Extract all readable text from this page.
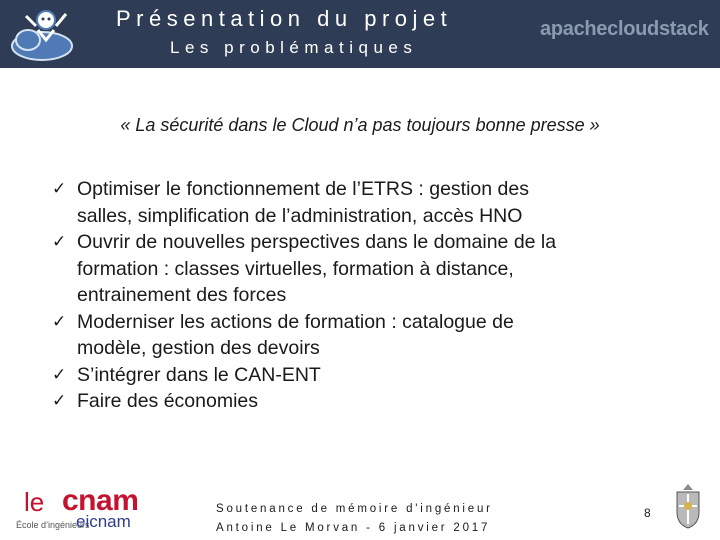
Présentation du projet
Les problématiques
apachecloudstack
« La sécurité dans le Cloud n’a pas toujours bonne presse »
✓ Optimiser le fonctionnement de l’ETRS : gestion des
salles, simplification de l’administration, accès HNO
✓ Ouvrir de nouvelles perspectives dans le domaine de la
formation : classes virtuelles, formation à distance,
entrainement des forces
✓ Moderniser les actions de formation : catalogue de
modèle, gestion des devoirs
✓ S’intégrer dans le CAN-ENT
✓ Faire des économies
le cnam
École d’ingénieurs
eicnam
Soutenance de mémoire d'ingénieur
Antoine Le Morvan - 6 janvier 2017
8
